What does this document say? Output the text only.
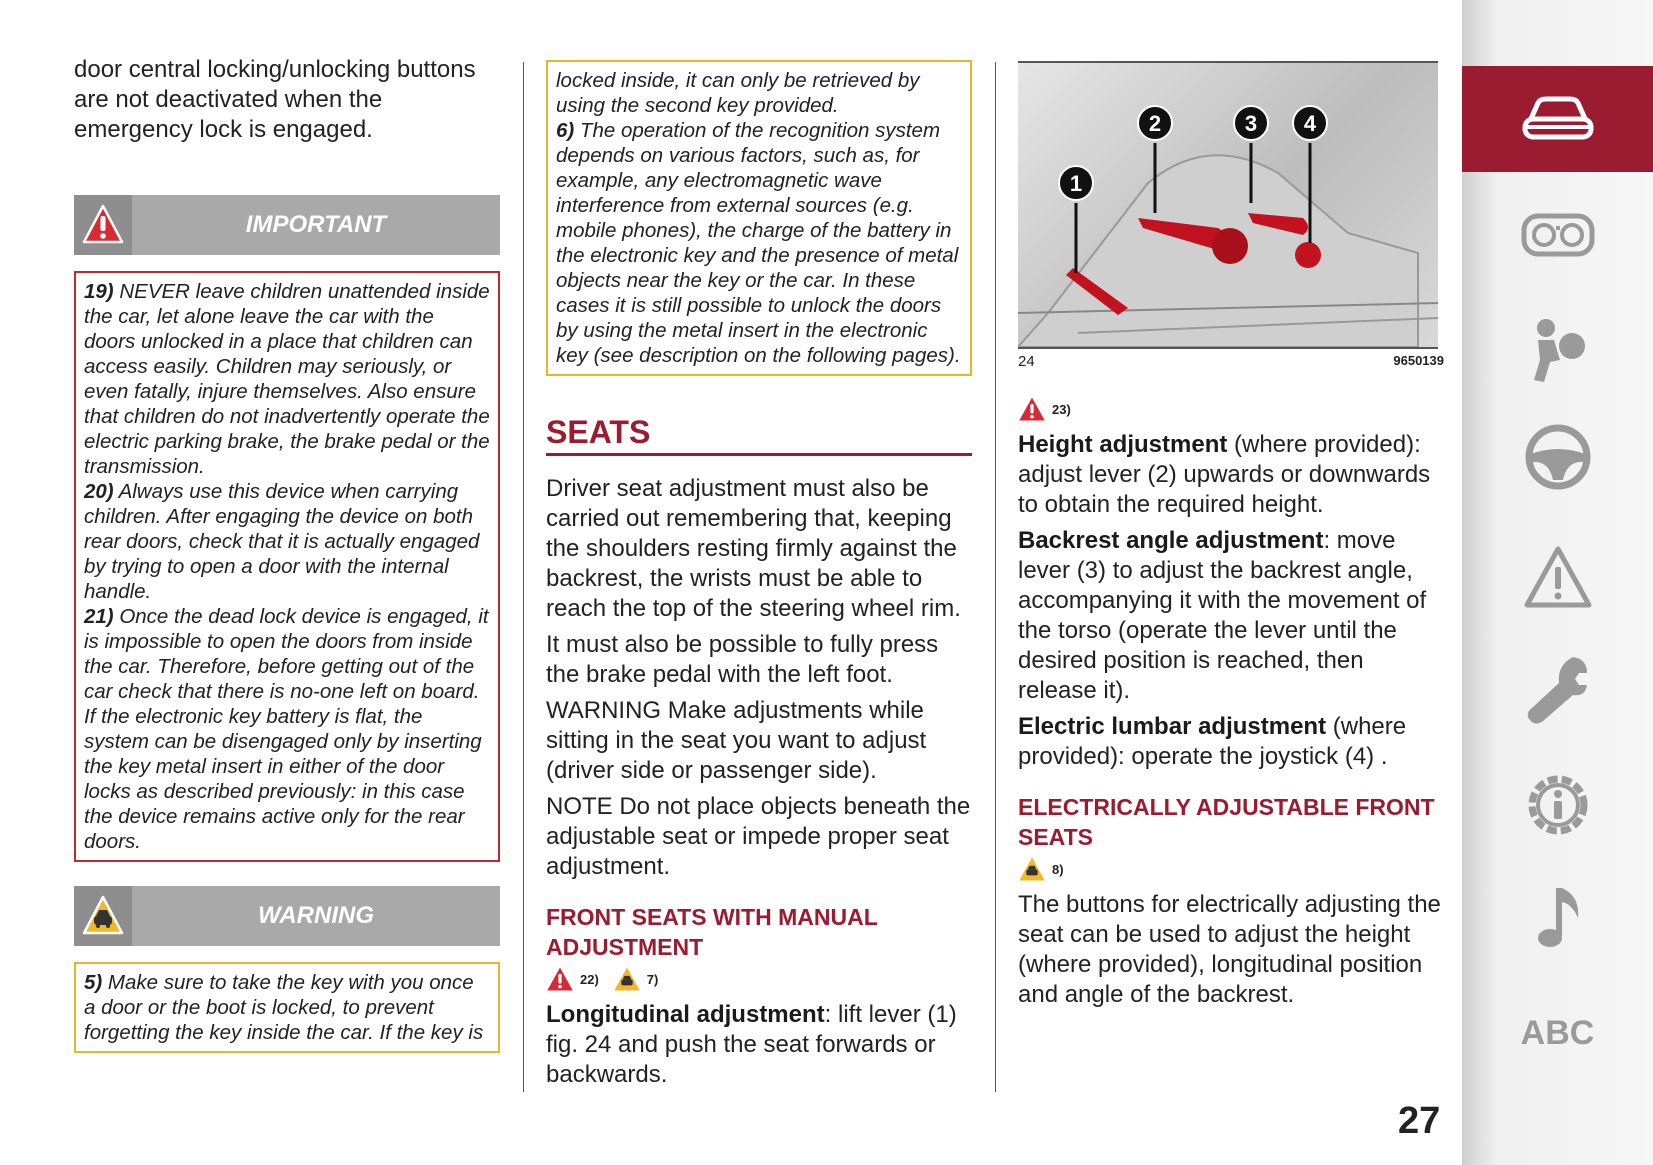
door central locking/unlocking buttons are not deactivated when the emergency lock is engaged.

IMPORTANT

19) NEVER leave children unattended inside the car, let alone leave the car with the doors unlocked in a place that children can access easily. Children may seriously, or even fatally, injure themselves. Also ensure that children do not inadvertently operate the electric parking brake, the brake pedal or the transmission.

20) Always use this device when carrying children. After engaging the device on both rear doors, check that it is actually engaged by trying to open a door with the internal handle.

21) Once the dead lock device is engaged, it is impossible to open the doors from inside the car. Therefore, before getting out of the car check that there is no-one left on board. If the electronic key battery is flat, the system can be disengaged only by inserting the key metal insert in either of the door locks as described previously: in this case the device remains active only for the rear doors.

WARNING

5) Make sure to take the key with you once a door or the boot is locked, to prevent forgetting the key inside the car. If the key is

locked inside, it can only be retrieved by using the second key provided.

6) The operation of the recognition system depends on various factors, such as, for example, any electromagnetic wave interference from external sources (e.g. mobile phones), the charge of the battery in the electronic key and the presence of metal objects near the key or the car. In these cases it is still possible to unlock the doors by using the metal insert in the electronic key (see description on the following pages).

SEATS

Driver seat adjustment must also be carried out remembering that, keeping the shoulders resting firmly against the backrest, the wrists must be able to reach the top of the steering wheel rim.

It must also be possible to fully press the brake pedal with the left foot.

WARNING Make adjustments while sitting in the seat you want to adjust (driver side or passenger side).

NOTE Do not place objects beneath the adjustable seat or impede proper seat adjustment.

FRONT SEATS WITH MANUAL ADJUSTMENT
22)	7)

Longitudinal adjustment: lift lever (1) fig. 24 and push the seat forwards or backwards.

1
2	3 4
24	9650139
23)

Height adjustment (where provided): adjust lever (2) upwards or downwards to obtain the required height.

Backrest angle adjustment: move lever (3) to adjust the backrest angle, accompanying it with the movement of the torso (operate the lever until the desired position is reached, then release it).

Electric lumbar adjustment (where provided): operate the joystick (4) .

ELECTRICALLY ADJUSTABLE FRONT SEATS
8)

The buttons for electrically adjusting the seat can be used to adjust the height (where provided), longitudinal position and angle of the backrest.

ABC
27
